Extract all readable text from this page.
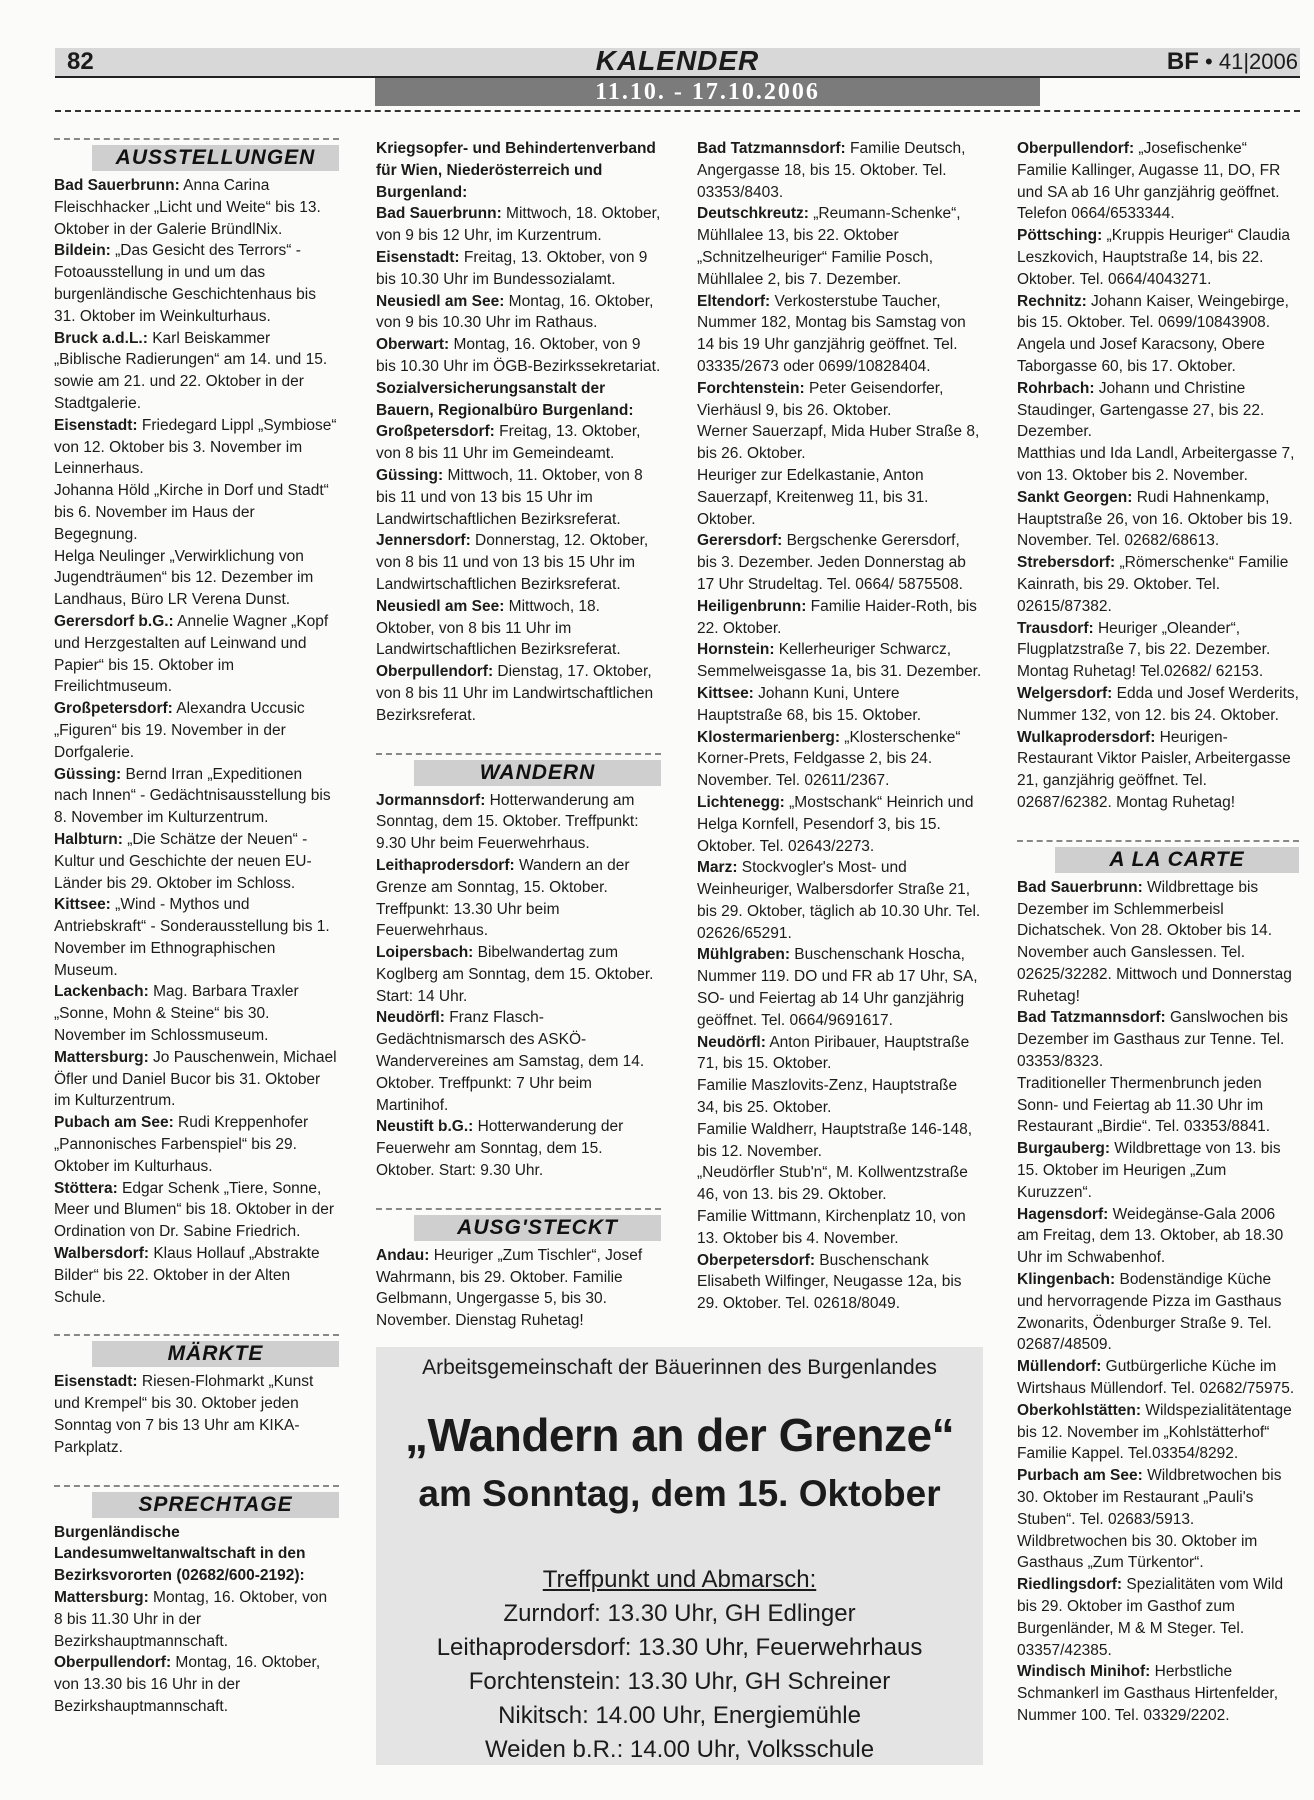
82	KALENDER	BF • 41|2006
11.10. - 17.10.2006
AUSSTELLUNGEN

Bad Sauerbrunn: Anna Carina Fleischhacker „Licht und Weite“ bis 13. Oktober in der Galerie BründlNix.

Bildein: „Das Gesicht des Terrors“ - Fotoausstellung in und um das burgenländische Geschichtenhaus bis 31. Oktober im Weinkulturhaus.

Bruck a.d.L.: Karl Beiskammer „Biblische Radierungen“ am 14. und 15. sowie am 21. und 22. Oktober in der Stadtgalerie.

Eisenstadt: Friedegard Lippl „Symbiose“ von 12. Oktober bis 3. November im Leinnerhaus.

Johanna Höld „Kirche in Dorf und Stadt“ bis 6. November im Haus der Begegnung.

Helga Neulinger „Verwirklichung von Jugendträumen“ bis 12. Dezember im Landhaus, Büro LR Verena Dunst.

Gerersdorf b.G.: Annelie Wagner „Kopf und Herzgestalten auf Leinwand und Papier“ bis 15. Oktober im Freilichtmuseum.

Großpetersdorf: Alexandra Uccusic „Figuren“ bis 19. November in der Dorfgalerie.

Güssing: Bernd Irran „Expeditionen nach Innen“ - Gedächtnisausstellung bis 8. November im Kulturzentrum.

Halbturn: „Die Schätze der Neuen“ - Kultur und Geschichte der neuen EU-Länder bis 29. Oktober im Schloss.

Kittsee: „Wind - Mythos und Antriebskraft“ - Sonderausstellung bis 1. November im Ethnographischen Museum.

Lackenbach: Mag. Barbara Traxler „Sonne, Mohn & Steine“ bis 30. November im Schlossmuseum.

Mattersburg: Jo Pauschenwein, Michael Öfler und Daniel Bucor bis 31. Oktober im Kulturzentrum.

Pubach am See: Rudi Kreppenhofer „Pannonisches Farbenspiel“ bis 29. Oktober im Kulturhaus.

Stöttera: Edgar Schenk „Tiere, Sonne, Meer und Blumen“ bis 18. Oktober in der Ordination von Dr. Sabine Friedrich.

Walbersdorf: Klaus Hollauf „Abstrakte Bilder“ bis 22. Oktober in der Alten Schule.

MÄRKTE

Eisenstadt: Riesen-Flohmarkt „Kunst und Krempel“ bis 30. Oktober jeden Sonntag von 7 bis 13 Uhr am KIKA-Parkplatz.

SPRECHTAGE

Burgenländische Landesumweltanwaltschaft in den Bezirksvororten (02682/600-2192):

Mattersburg: Montag, 16. Oktober, von 8 bis 11.30 Uhr in der Bezirkshauptmannschaft.

Oberpullendorf: Montag, 16. Oktober, von 13.30 bis 16 Uhr in der Bezirkshauptmannschaft.

Kriegsopfer- und Behindertenverband für Wien, Niederösterreich und Burgenland:

Bad Sauerbrunn: Mittwoch, 18. Oktober, von 9 bis 12 Uhr, im Kurzentrum.

Eisenstadt: Freitag, 13. Oktober, von 9 bis 10.30 Uhr im Bundessozialamt.

Neusiedl am See: Montag, 16. Oktober, von 9 bis 10.30 Uhr im Rathaus.

Oberwart: Montag, 16. Oktober, von 9 bis 10.30 Uhr im ÖGB-Bezirkssekretariat.

Sozialversicherungsanstalt der Bauern, Regionalbüro Burgenland:

Großpetersdorf: Freitag, 13. Oktober, von 8 bis 11 Uhr im Gemeindeamt.

Güssing: Mittwoch, 11. Oktober, von 8 bis 11 und von 13 bis 15 Uhr im Landwirtschaftlichen Bezirksreferat.

Jennersdorf: Donnerstag, 12. Oktober, von 8 bis 11 und von 13 bis 15 Uhr im Landwirtschaftlichen Bezirksreferat.

Neusiedl am See: Mittwoch, 18. Oktober, von 8 bis 11 Uhr im Landwirtschaftlichen Bezirksreferat.

Oberpullendorf: Dienstag, 17. Oktober, von 8 bis 11 Uhr im Landwirtschaftlichen Bezirksreferat.

WANDERN

Jormannsdorf: Hotterwanderung am Sonntag, dem 15. Oktober. Treffpunkt: 9.30 Uhr beim Feuerwehrhaus.

Leithaprodersdorf: Wandern an der Grenze am Sonntag, 15. Oktober. Treffpunkt: 13.30 Uhr beim Feuerwehrhaus.

Loipersbach: Bibelwandertag zum Koglberg am Sonntag, dem 15. Oktober. Start: 14 Uhr.

Neudörfl: Franz Flasch-Gedächtnismarsch des ASKÖ-Wandervereines am Samstag, dem 14. Oktober. Treffpunkt: 7 Uhr beim Martinihof.

Neustift b.G.: Hotterwanderung der Feuerwehr am Sonntag, dem 15. Oktober. Start: 9.30 Uhr.

AUSG'STECKT

Andau: Heuriger „Zum Tischler“, Josef Wahrmann, bis 29. Oktober. Familie Gelbmann, Ungergasse 5, bis 30. November. Dienstag Ruhetag!

Bad Tatzmannsdorf: Familie Deutsch, Angergasse 18, bis 15. Oktober. Tel. 03353/8403.

Deutschkreutz: „Reumann-Schenke“, Mühllalee 13, bis 22. Oktober „Schnitzelheuriger“ Familie Posch, Mühllalee 2, bis 7. Dezember.

Eltendorf: Verkosterstube Taucher, Nummer 182, Montag bis Samstag von 14 bis 19 Uhr ganzjährig geöffnet. Tel. 03335/2673 oder 0699/10828404.

Forchtenstein: Peter Geisendorfer, Vierhäusl 9, bis 26. Oktober.

Werner Sauerzapf, Mida Huber Straße 8, bis 26. Oktober.

Heuriger zur Edelkastanie, Anton Sauerzapf, Kreitenweg 11, bis 31. Oktober.

Gerersdorf: Bergschenke Gerersdorf, bis 3. Dezember. Jeden Donnerstag ab 17 Uhr Strudeltag. Tel. 0664/ 5875508.

Heiligenbrunn: Familie Haider-Roth, bis 22. Oktober.

Hornstein: Kellerheuriger Schwarcz, Semmelweisgasse 1a, bis 31. Dezember.

Kittsee: Johann Kuni, Untere Hauptstraße 68, bis 15. Oktober.

Klostermarienberg: „Klosterschenke“ Korner-Prets, Feldgasse 2, bis 24. November. Tel. 02611/2367.

Lichtenegg: „Mostschank“ Heinrich und Helga Kornfell, Pesendorf 3, bis 15. Oktober. Tel. 02643/2273.

Marz: Stockvogler's Most- und Weinheuriger, Walbersdorfer Straße 21, bis 29. Oktober, täglich ab 10.30 Uhr. Tel. 02626/65291.

Mühlgraben: Buschenschank Hoscha, Nummer 119. DO und FR ab 17 Uhr, SA, SO- und Feiertag ab 14 Uhr ganzjährig geöffnet. Tel. 0664/9691617.

Neudörfl: Anton Piribauer, Hauptstraße 71, bis 15. Oktober.

Familie Maszlovits-Zenz, Hauptstraße 34, bis 25. Oktober.

Familie Waldherr, Hauptstraße 146-148, bis 12. November.

„Neudörfler Stub'n“, M. Kollwentzstraße 46, von 13. bis 29. Oktober.

Familie Wittmann, Kirchenplatz 10, von 13. Oktober bis 4. November.

Oberpetersdorf: Buschenschank Elisabeth Wilfinger, Neugasse 12a, bis 29. Oktober. Tel. 02618/8049.

Oberpullendorf: „Josefischenke“ Familie Kallinger, Augasse 11, DO, FR und SA ab 16 Uhr ganzjährig geöffnet. Telefon 0664/6533344.

Pöttsching: „Kruppis Heuriger“ Claudia Leszkovich, Hauptstraße 14, bis 22. Oktober. Tel. 0664/4043271.

Rechnitz: Johann Kaiser, Weingebirge, bis 15. Oktober. Tel. 0699/10843908. Angela und Josef Karacsony, Obere Taborgasse 60, bis 17. Oktober.

Rohrbach: Johann und Christine Staudinger, Gartengasse 27, bis 22. Dezember.

Matthias und Ida Landl, Arbeitergasse 7, von 13. Oktober bis 2. November.

Sankt Georgen: Rudi Hahnenkamp, Hauptstraße 26, von 16. Oktober bis 19. November. Tel. 02682/68613.

Strebersdorf: „Römerschenke“ Familie Kainrath, bis 29. Oktober. Tel. 02615/87382.

Trausdorf: Heuriger „Oleander“, Flugplatzstraße 7, bis 22. Dezember. Montag Ruhetag! Tel.02682/ 62153.

Welgersdorf: Edda und Josef Werderits, Nummer 132, von 12. bis 24. Oktober.

Wulkaprodersdorf: Heurigen-Restaurant Viktor Paisler, Arbeitergasse 21, ganzjährig geöffnet. Tel. 02687/62382. Montag Ruhetag!

A LA CARTE

Bad Sauerbrunn: Wildbrettage bis Dezember im Schlemmerbeisl Dichatschek. Von 28. Oktober bis 14. November auch Ganslessen. Tel. 02625/32282. Mittwoch und Donnerstag Ruhetag!

Bad Tatzmannsdorf: Ganslwochen bis Dezember im Gasthaus zur Tenne. Tel. 03353/8323.

Traditioneller Thermenbrunch jeden Sonn- und Feiertag ab 11.30 Uhr im Restaurant „Birdie“. Tel. 03353/8841.

Burgauberg: Wildbrettage von 13. bis 15. Oktober im Heurigen „Zum Kuruzzen“.

Hagensdorf: Weidegänse-Gala 2006 am Freitag, dem 13. Oktober, ab 18.30 Uhr im Schwabenhof.

Klingenbach: Bodenständige Küche und hervorragende Pizza im Gasthaus Zwonarits, Ödenburger Straße 9. Tel. 02687/48509.

Müllendorf: Gutbürgerliche Küche im Wirtshaus Müllendorf. Tel. 02682/75975.

Oberkohlstätten: Wildspezialitätentage bis 12. November im „Kohlstätterhof“ Familie Kappel. Tel.03354/8292.

Purbach am See: Wildbretwochen bis 30. Oktober im Restaurant „Pauli's Stuben“. Tel. 02683/5913.

Wildbretwochen bis 30. Oktober im Gasthaus „Zum Türkentor“.

Riedlingsdorf: Spezialitäten vom Wild bis 29. Oktober im Gasthof zum Burgenländer, M & M Steger. Tel. 03357/42385.

Windisch Minihof: Herbstliche Schmankerl im Gasthaus Hirtenfelder, Nummer 100. Tel. 03329/2202.

Arbeitsgemeinschaft der Bäuerinnen des Burgenlandes
„Wandern an der Grenze“
am Sonntag, dem 15. Oktober
Treffpunkt und Abmarsch:
Zurndorf: 13.30 Uhr, GH Edlinger
Leithaprodersdorf: 13.30 Uhr, Feuerwehrhaus
Forchtenstein: 13.30 Uhr, GH Schreiner
Nikitsch: 14.00 Uhr, Energiemühle
Weiden b.R.: 14.00 Uhr, Volksschule
